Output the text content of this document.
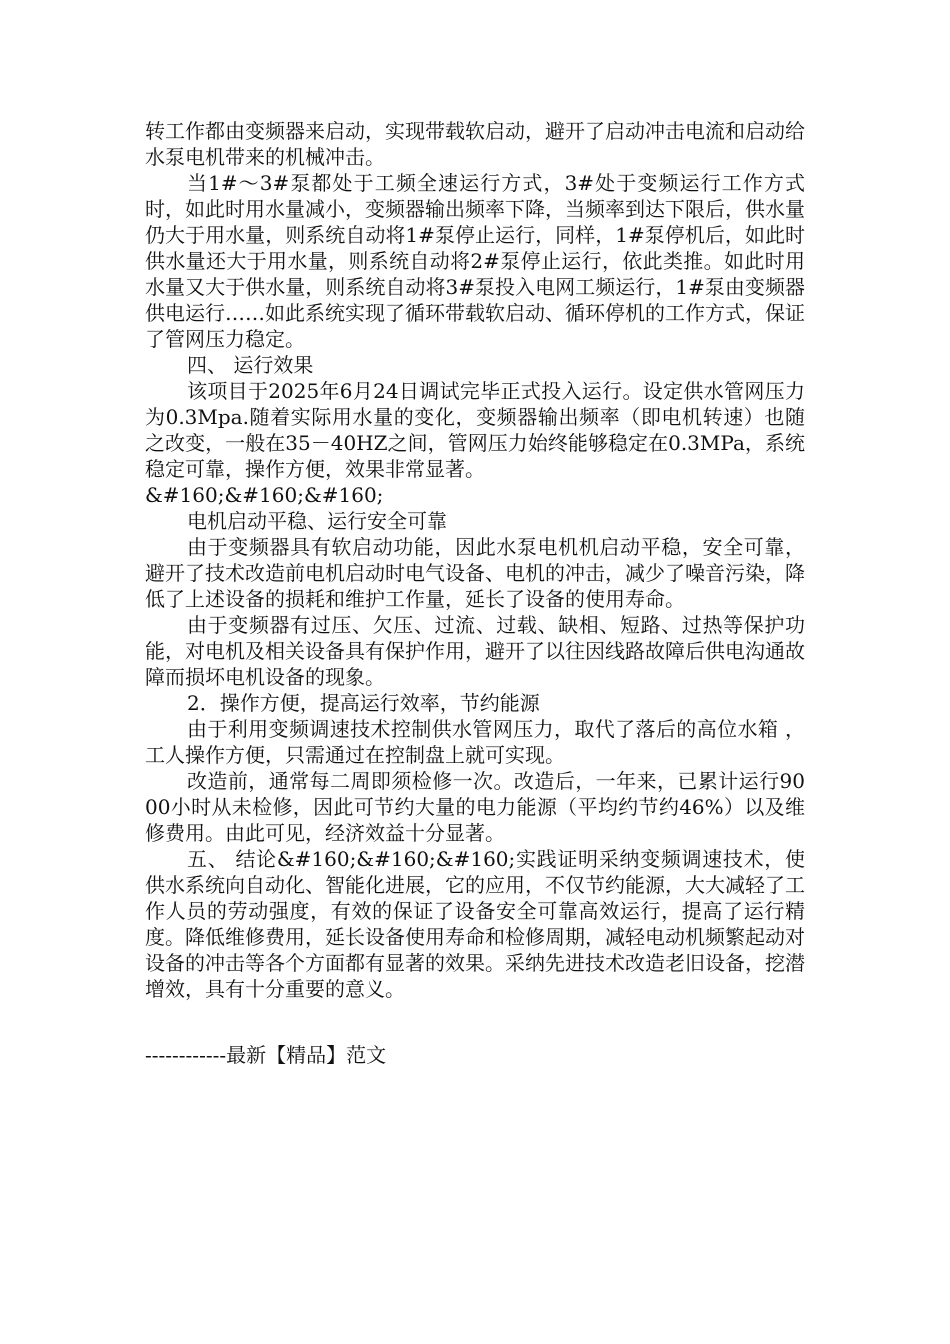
转工作都由变频器来启动，实现带载软启动，避开了启动冲击电流和启动给水泵电机带来的机械冲击。

当1#～3#泵都处于工频全速运行方式，3#处于变频运行工作方式时，如此时用水量减小，变频器输出频率下降，当频率到达下限后，供水量仍大于用水量，则系统自动将1#泵停止运行，同样，1#泵停机后，如此时供水量还大于用水量，则系统自动将2#泵停止运行，依此类推。如此时用水量又大于供水量，则系统自动将3#泵投入电网工频运行，1#泵由变频器供电运行……如此系统实现了循环带载软启动、循环停机的工作方式，保证了管网压力稳定。

四、 运行效果

该项目于2025年6月24日调试完毕正式投入运行。设定供水管网压力为0.3Mpa.随着实际用水量的变化，变频器输出频率（即电机转速）也随之改变，一般在35－40HZ之间，管网压力始终能够稳定在0.3MPa，系统稳定可靠，操作方便，效果非常显著。

&#160;&#160;&#160;

电机启动平稳、运行安全可靠

由于变频器具有软启动功能，因此水泵电机机启动平稳，安全可靠，避开了技术改造前电机启动时电气设备、电机的冲击，减少了噪音污染，降低了上述设备的损耗和维护工作量，延长了设备的使用寿命。

由于变频器有过压、欠压、过流、过载、缺相、短路、过热等保护功能，对电机及相关设备具有保护作用，避开了以往因线路故障后供电沟通故障而损坏电机设备的现象。

2．操作方便，提高运行效率，节约能源

由于利用变频调速技术控制供水管网压力，取代了落后的高位水箱 ，工人操作方便，只需通过在控制盘上就可实现。

改造前，通常每二周即须检修一次。改造后，一年来，已累计运行9000小时从未检修，因此可节约大量的电力能源（平均约节约46%）以及维修费用。由此可见，经济效益十分显著。

五、 结论&#160;&#160;&#160;实践证明采纳变频调速技术，使供水系统向自动化、智能化进展，它的应用，不仅节约能源，大大减轻了工作人员的劳动强度，有效的保证了设备安全可靠高效运行，提高了运行精度。降低维修费用，延长设备使用寿命和检修周期，减轻电动机频繁起动对设备的冲击等各个方面都有显著的效果。采纳先进技术改造老旧设备，挖潜增效，具有十分重要的意义。

------------最新【精品】范文
